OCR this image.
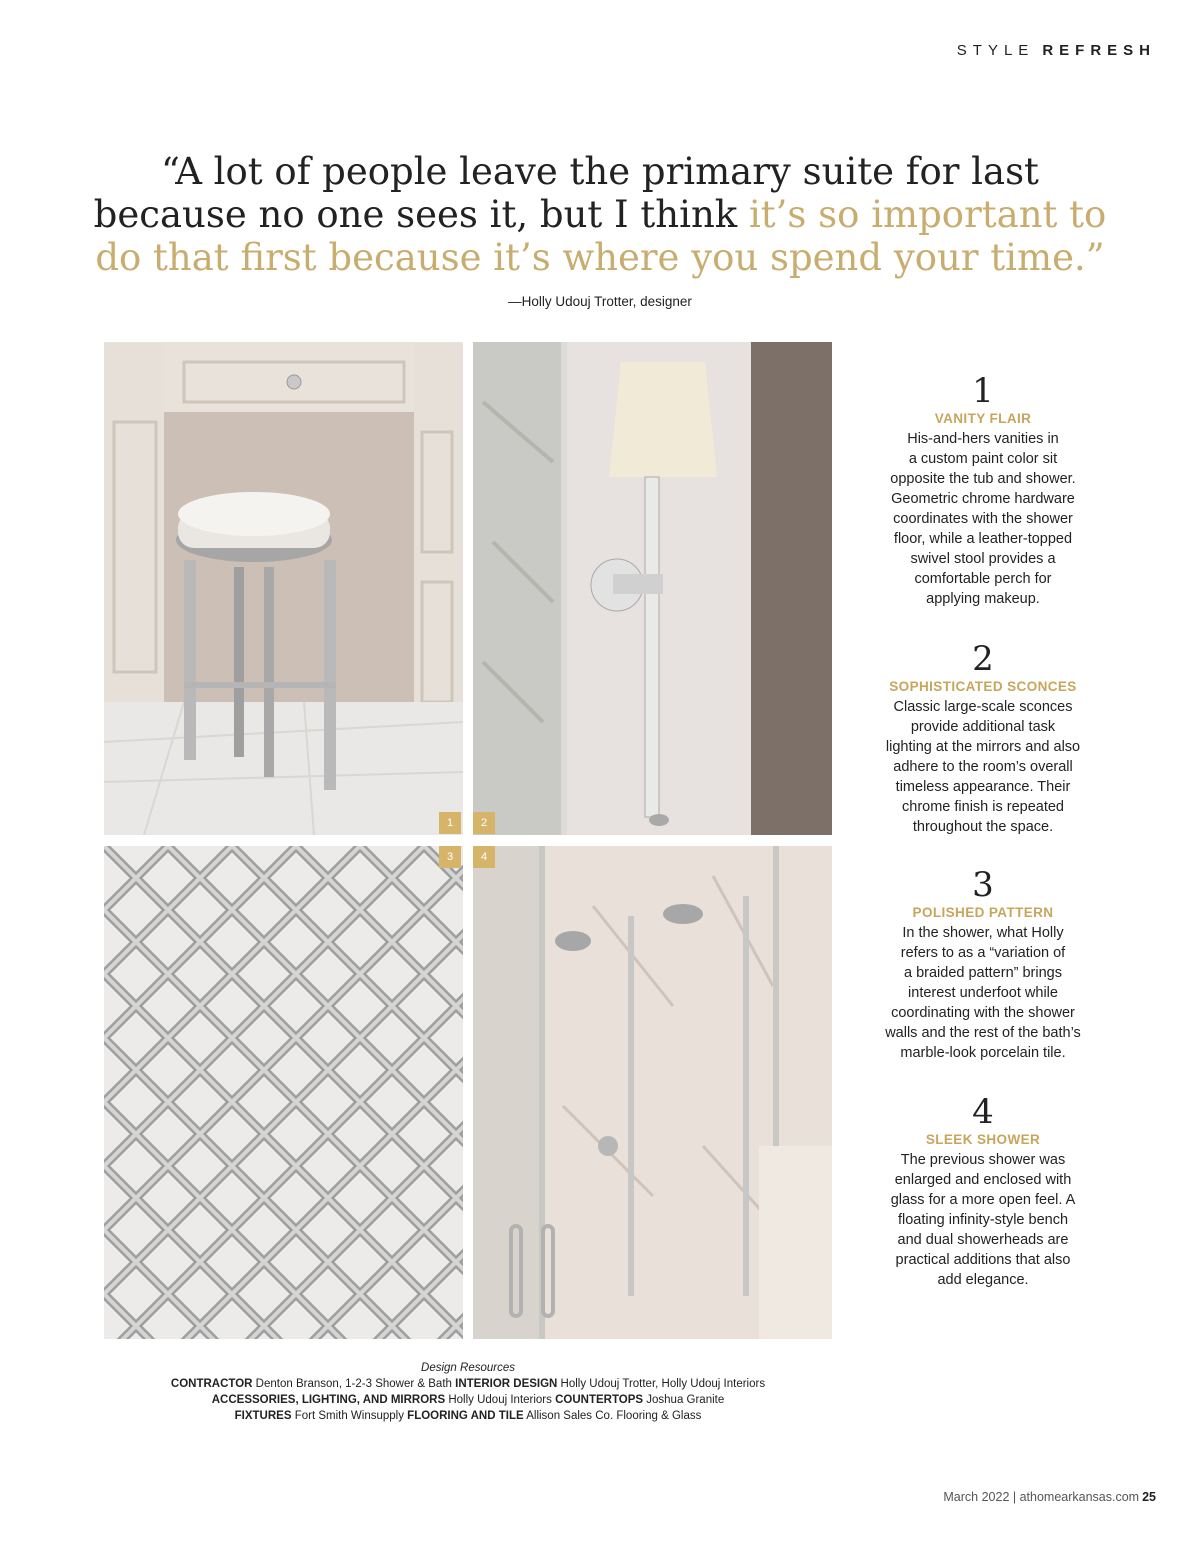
STYLE REFRESH
“A lot of people leave the primary suite for last because no one sees it, but I think it’s so important to do that first because it’s where you spend your time.”
—Holly Udouj Trotter, designer
1	2
3	4
1
VANITY FLAIR
His-and-hers vanities in
a custom paint color sit
opposite the tub and shower.
Geometric chrome hardware
coordinates with the shower
floor, while a leather-topped
swivel stool provides a
comfortable perch for
applying makeup.
2
SOPHISTICATED SCONCES
Classic large-scale sconces
provide additional task
lighting at the mirrors and also
adhere to the room’s overall
timeless appearance. Their
chrome finish is repeated
throughout the space.
3
POLISHED PATTERN
In the shower, what Holly
refers to as a “variation of
a braided pattern” brings
interest underfoot while
coordinating with the shower
walls and the rest of the bath’s
marble-look porcelain tile.
4
SLEEK SHOWER
The previous shower was
enlarged and enclosed with
glass for a more open feel. A
floating infinity-style bench
and dual showerheads are
practical additions that also
add elegance.
Design Resources
CONTRACTOR Denton Branson, 1-2-3 Shower & Bath INTERIOR DESIGN Holly Udouj Trotter, Holly Udouj Interiors
ACCESSORIES, LIGHTING, AND MIRRORS Holly Udouj Interiors COUNTERTOPS Joshua Granite
FIXTURES Fort Smith Winsupply FLOORING AND TILE Allison Sales Co. Flooring & Glass
March 2022 | athomearkansas.com 25
